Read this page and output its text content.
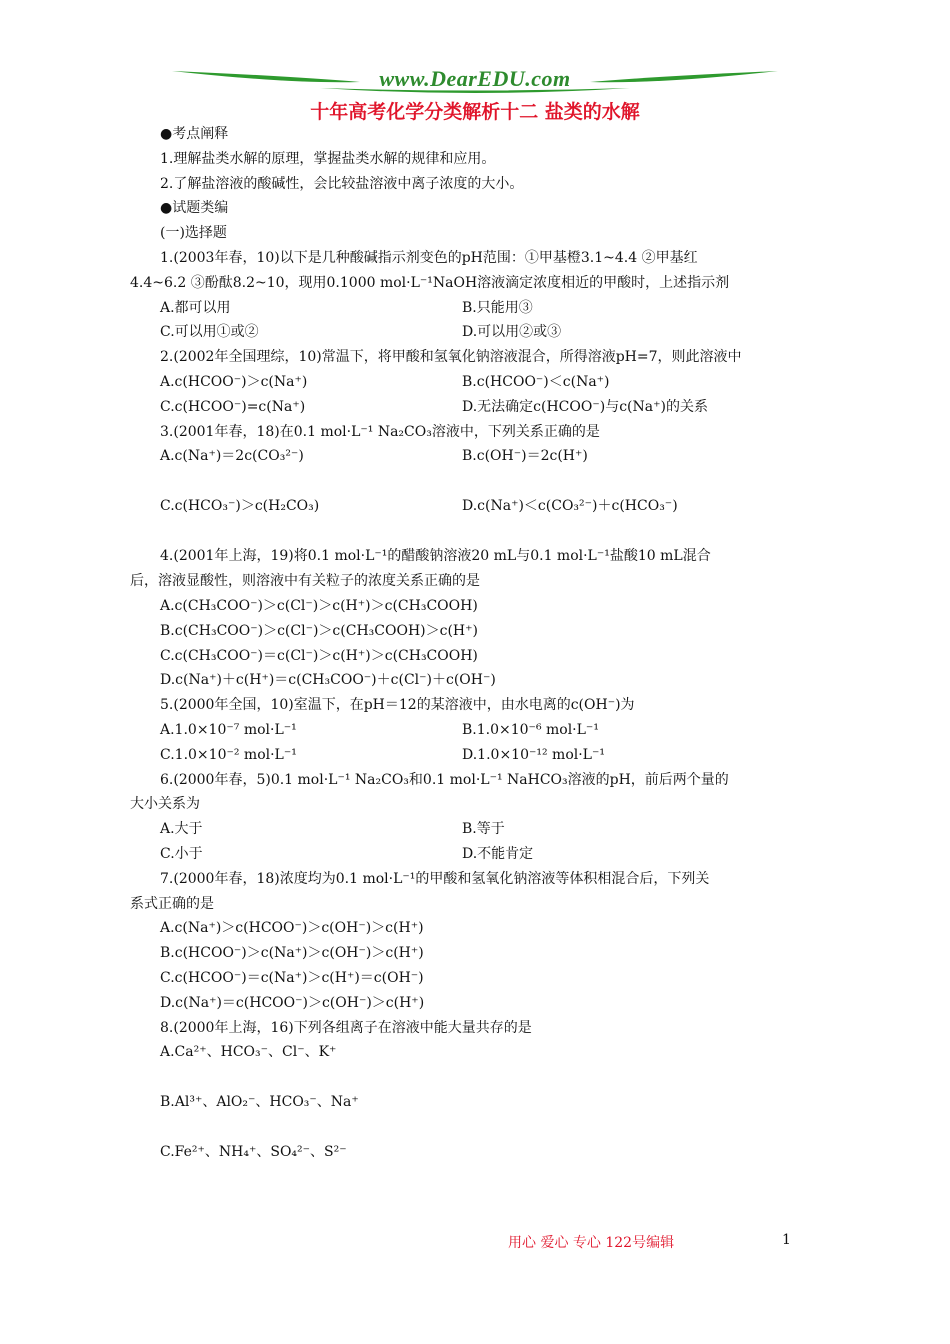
www.DearEDU.com
十年高考化学分类解析十二 盐类的水解
●考点阐释
1.理解盐类水解的原理，掌握盐类水解的规律和应用。
2.了解盐溶液的酸碱性，会比较盐溶液中离子浓度的大小。
●试题类编
(一)选择题
1.(2003年春，10)以下是几种酸碱指示剂变色的pH范围：①甲基橙3.1~4.4 ②甲基红
4.4~6.2 ③酚酞8.2~10，现用0.1000 mol·L⁻¹NaOH溶液滴定浓度相近的甲酸时，上述指示剂
A.都可以用	B.只能用③
C.可以用①或②	D.可以用②或③
2.(2002年全国理综，10)常温下，将甲酸和氢氧化钠溶液混合，所得溶液pH=7，则此溶液中
A.c(HCOO⁻)＞c(Na⁺)	B.c(HCOO⁻)＜c(Na⁺)
C.c(HCOO⁻)=c(Na⁺)	D.无法确定c(HCOO⁻)与c(Na⁺)的关系
3.(2001年春，18)在0.1 mol·L⁻¹ Na₂CO₃溶液中，下列关系正确的是
A.c(Na⁺)＝2c(CO₃²⁻)	B.c(OH⁻)＝2c(H⁺)
C.c(HCO₃⁻)＞c(H₂CO₃)	D.c(Na⁺)＜c(CO₃²⁻)＋c(HCO₃⁻)
4.(2001年上海，19)将0.1 mol·L⁻¹的醋酸钠溶液20 mL与0.1 mol·L⁻¹盐酸10 mL混合
后，溶液显酸性，则溶液中有关粒子的浓度关系正确的是
A.c(CH₃COO⁻)＞c(Cl⁻)＞c(H⁺)＞c(CH₃COOH)
B.c(CH₃COO⁻)＞c(Cl⁻)＞c(CH₃COOH)＞c(H⁺)
C.c(CH₃COO⁻)＝c(Cl⁻)＞c(H⁺)＞c(CH₃COOH)
D.c(Na⁺)＋c(H⁺)＝c(CH₃COO⁻)＋c(Cl⁻)＋c(OH⁻)
5.(2000年全国，10)室温下，在pH＝12的某溶液中，由水电离的c(OH⁻)为
A.1.0×10⁻⁷ mol·L⁻¹	B.1.0×10⁻⁶ mol·L⁻¹
C.1.0×10⁻² mol·L⁻¹	D.1.0×10⁻¹² mol·L⁻¹
6.(2000年春，5)0.1 mol·L⁻¹ Na₂CO₃和0.1 mol·L⁻¹ NaHCO₃溶液的pH，前后两个量的
大小关系为
A.大于	B.等于
C.小于	D.不能肯定
7.(2000年春，18)浓度均为0.1 mol·L⁻¹的甲酸和氢氧化钠溶液等体积相混合后，下列关
系式正确的是
A.c(Na⁺)＞c(HCOO⁻)＞c(OH⁻)＞c(H⁺)
B.c(HCOO⁻)＞c(Na⁺)＞c(OH⁻)＞c(H⁺)
C.c(HCOO⁻)＝c(Na⁺)＞c(H⁺)＝c(OH⁻)
D.c(Na⁺)＝c(HCOO⁻)＞c(OH⁻)＞c(H⁺)
8.(2000年上海，16)下列各组离子在溶液中能大量共存的是
A.Ca²⁺、HCO₃⁻、Cl⁻、K⁺
B.Al³⁺、AlO₂⁻、HCO₃⁻、Na⁺
C.Fe²⁺、NH₄⁺、SO₄²⁻、S²⁻
用心 爱心 专心 122号编辑	1
